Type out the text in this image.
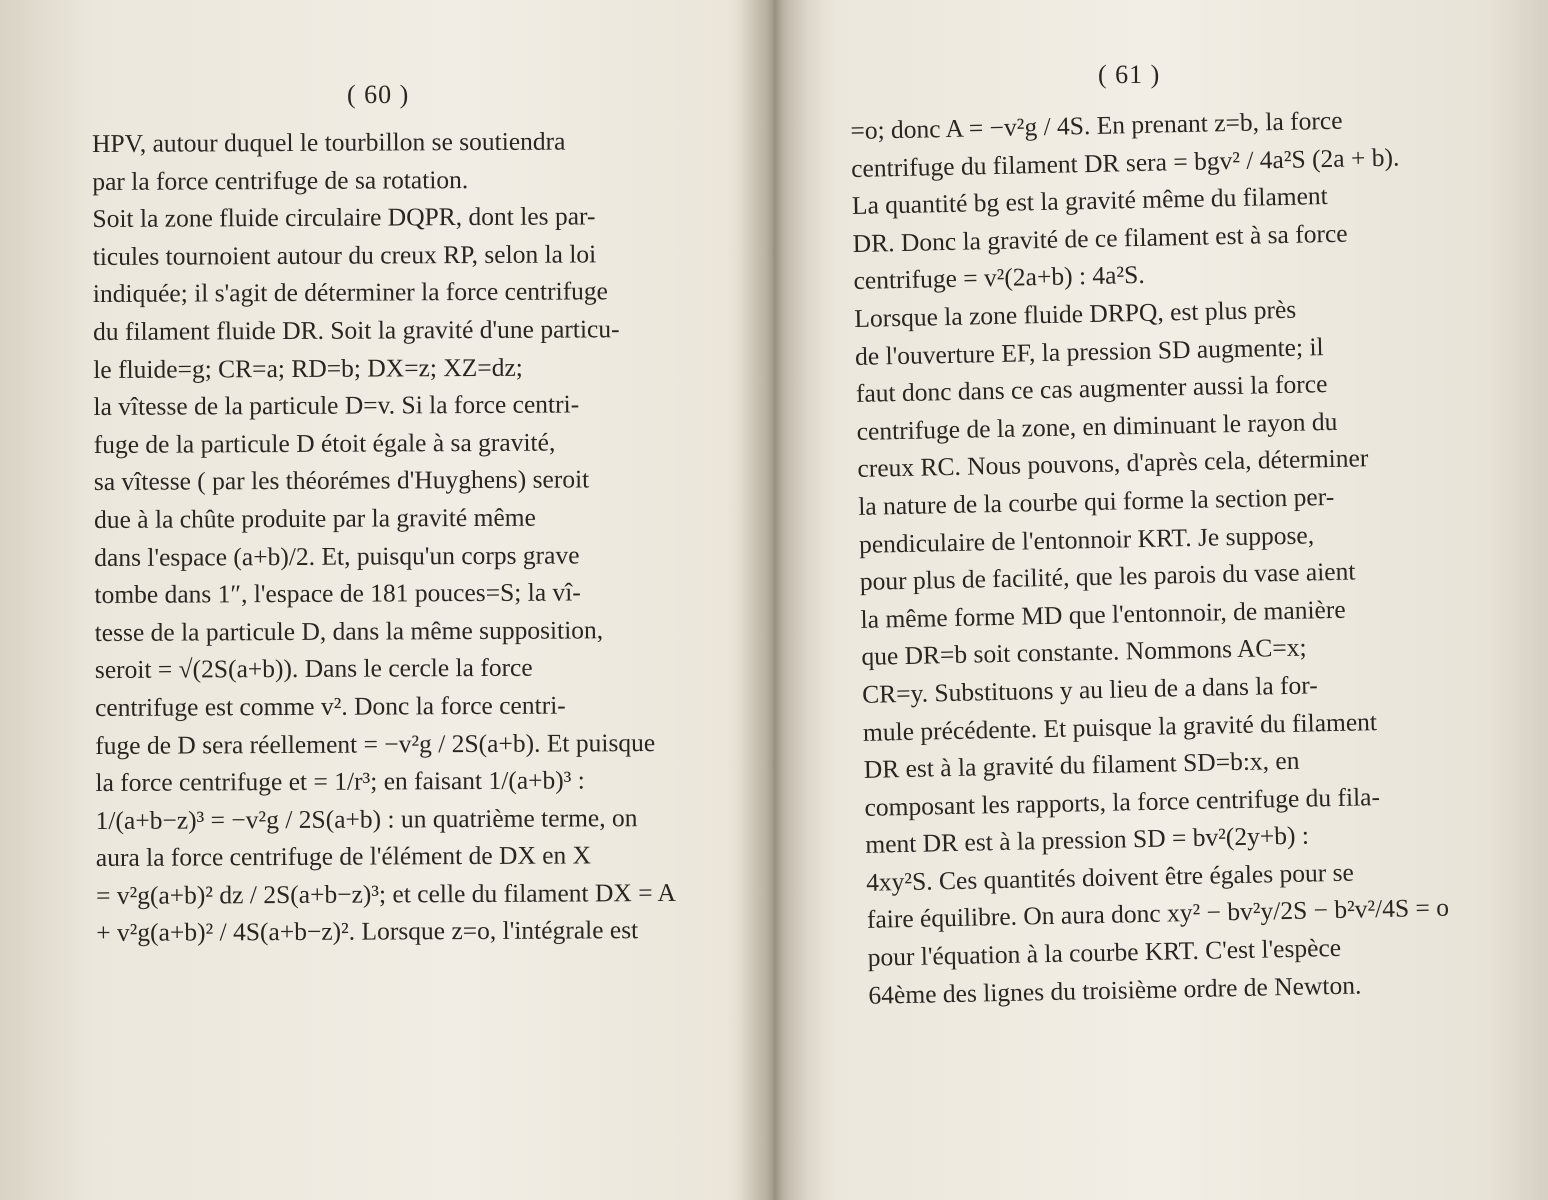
( 60 )
HPV, autour duquel le tourbillon se soutiendra
par la force centrifuge de sa rotation.
Soit la zone fluide circulaire DQPR, dont les par-
ticules tournoient autour du creux RP, selon la loi
indiquée; il s'agit de déterminer la force centrifuge
du filament fluide DR. Soit la gravité d'une particu-
le fluide=g; CR=a; RD=b; DX=z; XZ=dz;
la vîtesse de la particule D=v. Si la force centri-
fuge de la particule D étoit égale à sa gravité,
sa vîtesse ( par les théorémes d'Huyghens) seroit
due à la chûte produite par la gravité même
dans l'espace (a+b)/2. Et, puisqu'un corps grave
tombe dans 1″, l'espace de 181 pouces=S; la vî-
tesse de la particule D, dans la même supposition,
seroit = √(2S(a+b)). Dans le cercle la force
centrifuge est comme v². Donc la force centri-
fuge de D sera réellement = −v²g / 2S(a+b). Et puisque
la force centrifuge et = 1/r³; en faisant 1/(a+b)³ :
1/(a+b−z)³ = −v²g / 2S(a+b) : un quatrième terme, on
aura la force centrifuge de l'élément de DX en X
= v²g(a+b)² dz / 2S(a+b−z)³; et celle du filament DX = A
+ v²g(a+b)² / 4S(a+b−z)². Lorsque z=o, l'intégrale est
( 61 )
=o; donc A = −v²g / 4S. En prenant z=b, la force
centrifuge du filament DR sera = bgv² / 4a²S (2a + b).
La quantité bg est la gravité même du filament
DR. Donc la gravité de ce filament est à sa force
centrifuge = v²(2a+b) : 4a²S.
Lorsque la zone fluide DRPQ, est plus près
de l'ouverture EF, la pression SD augmente; il
faut donc dans ce cas augmenter aussi la force
centrifuge de la zone, en diminuant le rayon du
creux RC. Nous pouvons, d'après cela, déterminer
la nature de la courbe qui forme la section per-
pendiculaire de l'entonnoir KRT. Je suppose,
pour plus de facilité, que les parois du vase aient
la même forme MD que l'entonnoir, de manière
que DR=b soit constante. Nommons AC=x;
CR=y. Substituons y au lieu de a dans la for-
mule précédente. Et puisque la gravité du filament
DR est à la gravité du filament SD=b:x, en
composant les rapports, la force centrifuge du fila-
ment DR est à la pression SD = bv²(2y+b) :
4xy²S. Ces quantités doivent être égales pour se
faire équilibre. On aura donc xy² − bv²y/2S − b²v²/4S = o
pour l'équation à la courbe KRT. C'est l'espèce
64ème des lignes du troisième ordre de Newton.
